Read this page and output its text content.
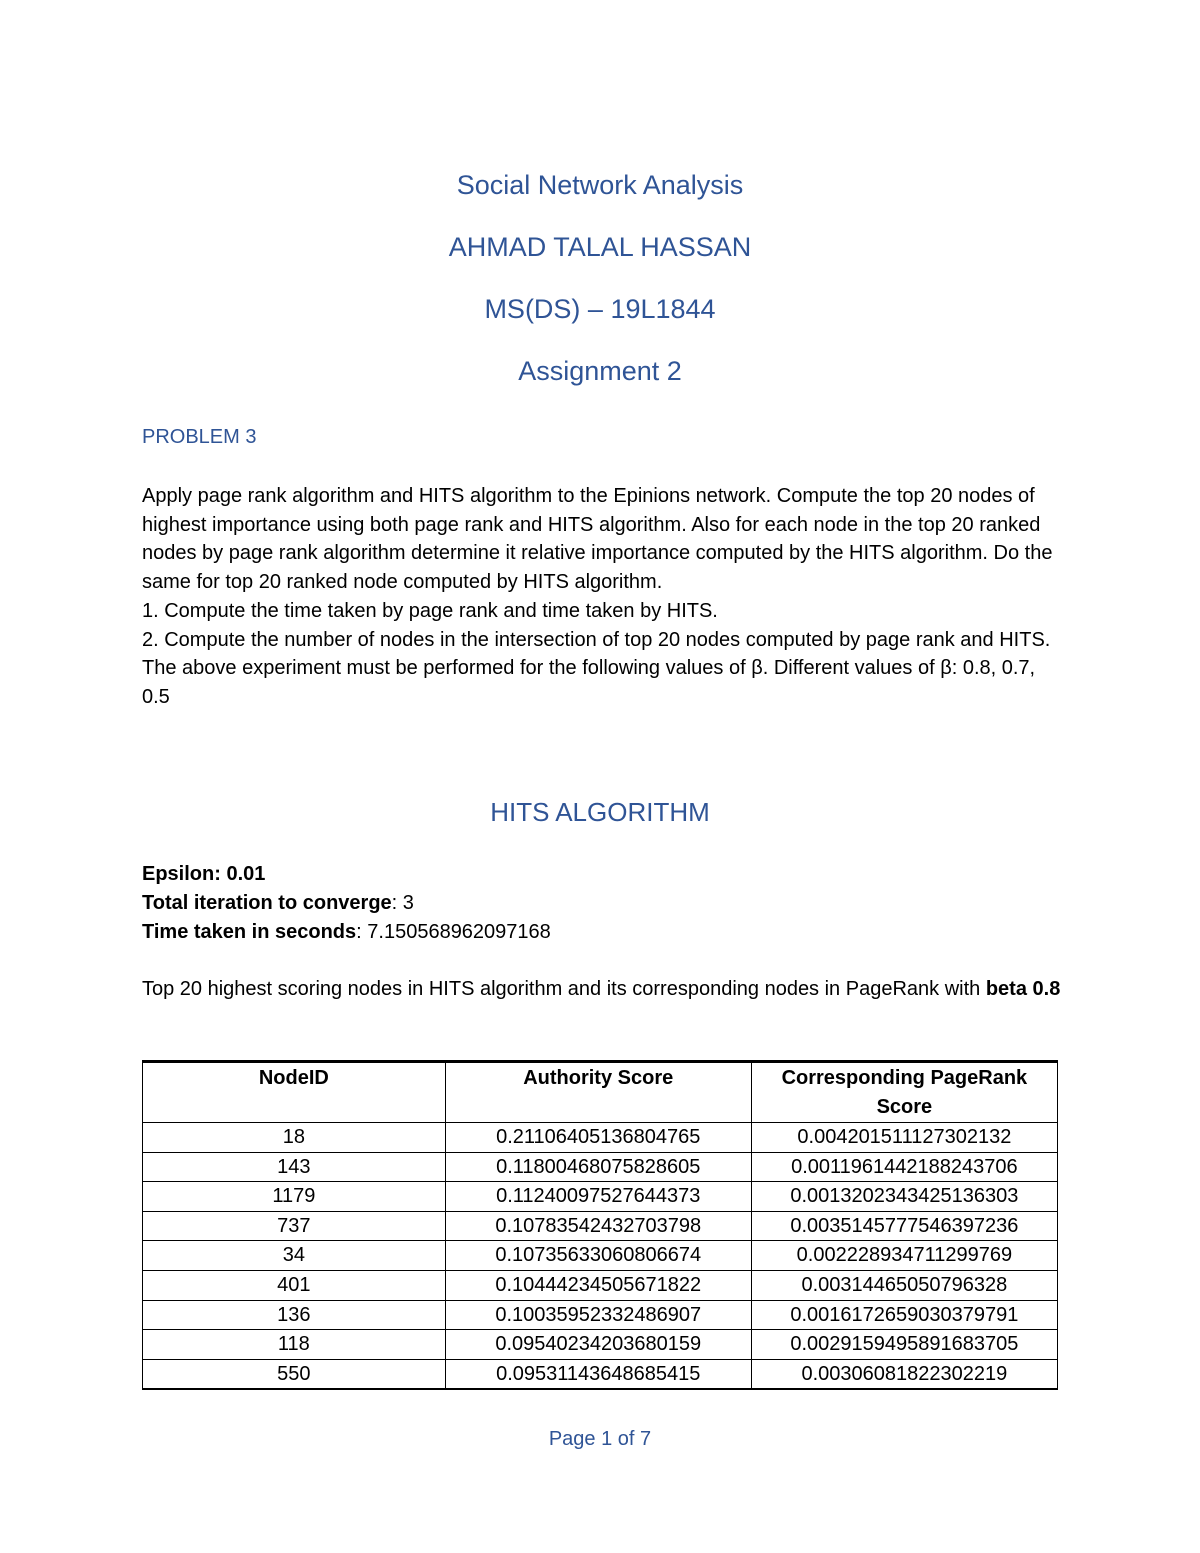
Social Network Analysis
AHMAD TALAL HASSAN
MS(DS) – 19L1844
Assignment 2
PROBLEM 3

Apply page rank algorithm and HITS algorithm to the Epinions network. Compute the top 20 nodes of highest importance using both page rank and HITS algorithm. Also for each node in the top 20 ranked nodes by page rank algorithm determine it relative importance computed by the HITS algorithm. Do the same for top 20 ranked node computed by HITS algorithm.

1. Compute the time taken by page rank and time taken by HITS.

2. Compute the number of nodes in the intersection of top 20 nodes computed by page rank and HITS.

The above experiment must be performed for the following values of β. Different values of β: 0.8, 0.7, 0.5

HITS ALGORITHM
Epsilon: 0.01
Total iteration to converge: 3
Time taken in seconds: 7.150568962097168
Top 20 highest scoring nodes in HITS algorithm and its corresponding nodes in PageRank with beta 0.8
NodeID	Authority Score	Corresponding PageRank Score
18	0.21106405136804765	0.004201511127302132
143	0.11800468075828605	0.0011961442188243706
1179	0.11240097527644373	0.0013202343425136303
737	0.10783542432703798	0.0035145777546397236
34	0.10735633060806674	0.002228934711299769
401	0.10444234505671822	0.00314465050796328
136	0.10035952332486907	0.0016172659030379791
118	0.09540234203680159	0.0029159495891683705
550	0.09531143648685415	0.00306081822302219
Page 1 of 7
